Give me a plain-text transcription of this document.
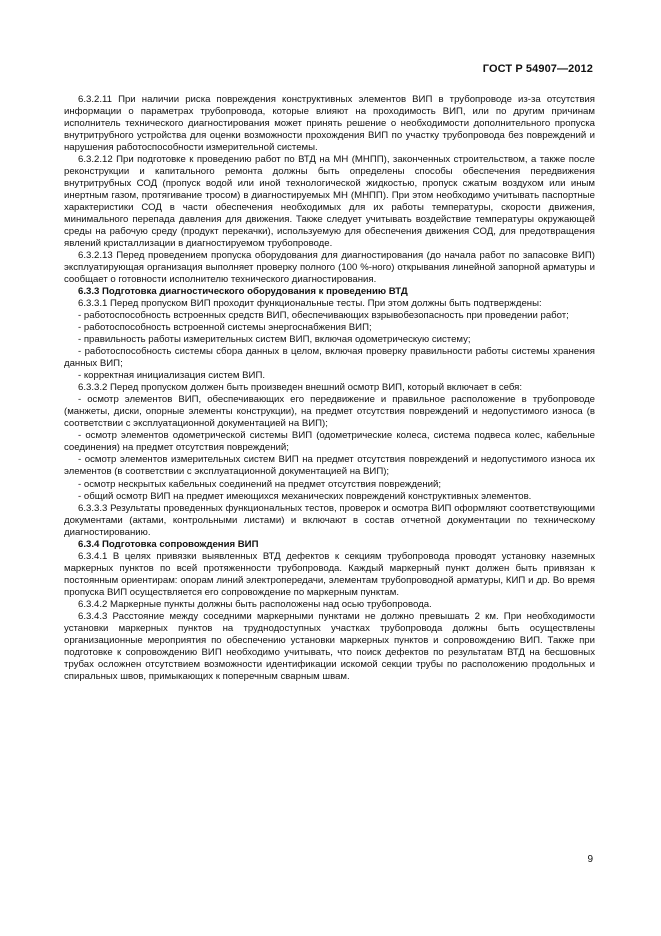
ГОСТ Р 54907—2012

6.3.2.11 При наличии риска повреждения конструктивных элементов ВИП в трубопроводе из-за отсутствия информации о параметрах трубопровода, которые влияют на проходимость ВИП, или по другим причинам исполнитель технического диагностирования может принять решение о необходимости дополнительного пропуска внутритрубного устройства для оценки возможности прохождения ВИП по участку трубопровода без повреждений и нарушения работоспособности измерительной системы.

6.3.2.12 При подготовке к проведению работ по ВТД на МН (МНПП), законченных строительством, а также после реконструкции и капитального ремонта должны быть определены способы обеспечения передвижения внутритрубных СОД (пропуск водой или иной технологической жидкостью, пропуск сжатым воздухом или иным инертным газом, протягивание тросом) в диагностируемых МН (МНПП). При этом необходимо учитывать паспортные характеристики СОД в части обеспечения необходимых для их работы температуры, скорости движения, минимального перепада давления для движения. Также следует учитывать воздействие температуры окружающей среды на рабочую среду (продукт перекачки), используемую для обеспечения движения СОД, для предотвращения явлений кристаллизации в диагностируемом трубопроводе.

6.3.2.13 Перед проведением пропуска оборудования для диагностирования (до начала работ по запасовке ВИП) эксплуатирующая организация выполняет проверку полного (100 %-ного) открывания линейной запорной арматуры и сообщает о готовности исполнителю технического диагностирования.

6.3.3 Подготовка диагностического оборудования к проведению ВТД

6.3.3.1 Перед пропуском ВИП проходит функциональные тесты. При этом должны быть подтверждены:

- работоспособность встроенных средств ВИП, обеспечивающих взрывобезопасность при проведении работ;

- работоспособность встроенной системы энергоснабжения ВИП;

- правильность работы измерительных систем ВИП, включая одометрическую систему;

- работоспособность системы сбора данных в целом, включая проверку правильности работы системы хранения данных ВИП;

- корректная инициализация систем ВИП.

6.3.3.2 Перед пропуском должен быть произведен внешний осмотр ВИП, который включает в себя:

- осмотр элементов ВИП, обеспечивающих его передвижение и правильное расположение в трубопроводе (манжеты, диски, опорные элементы конструкции), на предмет отсутствия повреждений и недопустимого износа (в соответствии с эксплуатационной документацией на ВИП);

- осмотр элементов одометрической системы ВИП (одометрические колеса, система подвеса колес, кабельные соединения) на предмет отсутствия повреждений;

- осмотр элементов измерительных систем ВИП на предмет отсутствия повреждений и недопустимого износа их элементов (в соответствии с эксплуатационной документацией на ВИП);

- осмотр нескрытых кабельных соединений на предмет отсутствия повреждений;

- общий осмотр ВИП на предмет имеющихся механических повреждений конструктивных элементов.

6.3.3.3 Результаты проведенных функциональных тестов, проверок и осмотра ВИП оформляют соответствующими документами (актами, контрольными листами) и включают в состав отчетной документации по техническому диагностированию.

6.3.4 Подготовка сопровождения ВИП

6.3.4.1 В целях привязки выявленных ВТД дефектов к секциям трубопровода проводят установку наземных маркерных пунктов по всей протяженности трубопровода. Каждый маркерный пункт должен быть привязан к постоянным ориентирам: опорам линий электропередачи, элементам трубопроводной арматуры, КИП и др. Во время пропуска ВИП осуществляется его сопровождение по маркерным пунктам.

6.3.4.2 Маркерные пункты должны быть расположены над осью трубопровода.

6.3.4.3 Расстояние между соседними маркерными пунктами не должно превышать 2 км. При необходимости установки маркерных пунктов на труднодоступных участках трубопровода должны быть осуществлены организационные мероприятия по обеспечению установки маркерных пунктов и сопровождению ВИП. Также при подготовке к сопровождению ВИП необходимо учитывать, что поиск дефектов по результатам ВТД на бесшовных трубах осложнен отсутствием возможности идентификации искомой секции трубы по расположению продольных и спиральных швов, примыкающих к поперечным сварным швам.

9
